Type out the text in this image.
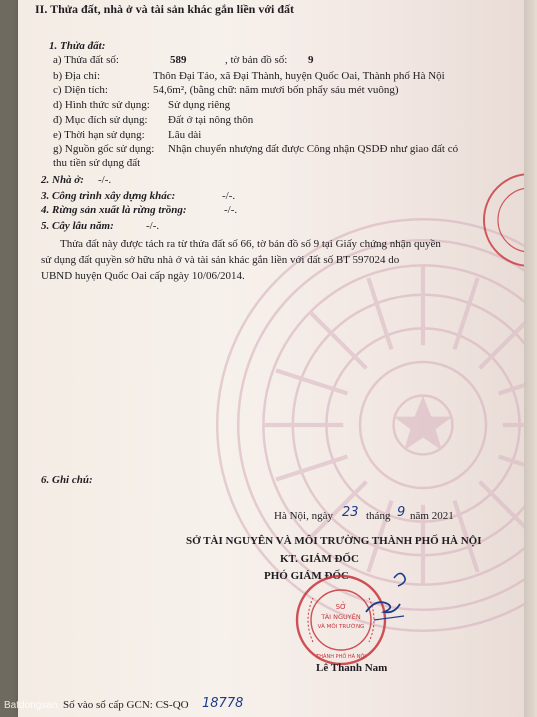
II. Thửa đất, nhà ở và tài sản khác gắn liền với đất
1. Thửa đất:
a) Thửa đất số:	589	, tờ bản đồ số: 9
b) Địa chỉ:	Thôn Đại Tảo, xã Đại Thành, huyện Quốc Oai, Thành phố Hà Nội
c) Diện tích:	54,6m², (bằng chữ: năm mươi bốn phẩy sáu mét vuông)
d) Hình thức sử dụng: Sử dụng riêng
đ) Mục đích sử dụng: Đất ở tại nông thôn
e) Thời hạn sử dụng: Lâu dài
g) Nguồn gốc sử dụng: Nhận chuyển nhượng đất được Công nhận QSDĐ như giao đất có
thu tiền sử dụng đất
2. Nhà ở: -/-.
3. Công trình xây dựng khác:	-/-.
4. Rừng sản xuất là rừng trồng:	-/-.
5. Cây lâu năm:	-/-.
Thửa đất này được tách ra từ thửa đất số 66, tờ bản đồ số 9 tại Giấy chứng nhận quyền
sử dụng đất quyền sở hữu nhà ở và tài sản khác gắn liền với đất số BT 597024 do
UBND huyện Quốc Oai cấp ngày 10/06/2014.
6. Ghi chú:
Hà Nội, ngày 23 tháng 9 năm 2021
SỞ TÀI NGUYÊN VÀ MÔI TRƯỜNG THÀNH PHỐ HÀ NỘI
KT. GIÁM ĐỐC
PHÓ GIÁM ĐỐC
SỞ
TÀI NGUYÊN
VÀ MÔI TRƯỜNG
THÀNH PHỐ HÀ NỘI
Lê Thanh Nam
Số vào sổ cấp GCN: CS-QO 18778
Batdongsan
